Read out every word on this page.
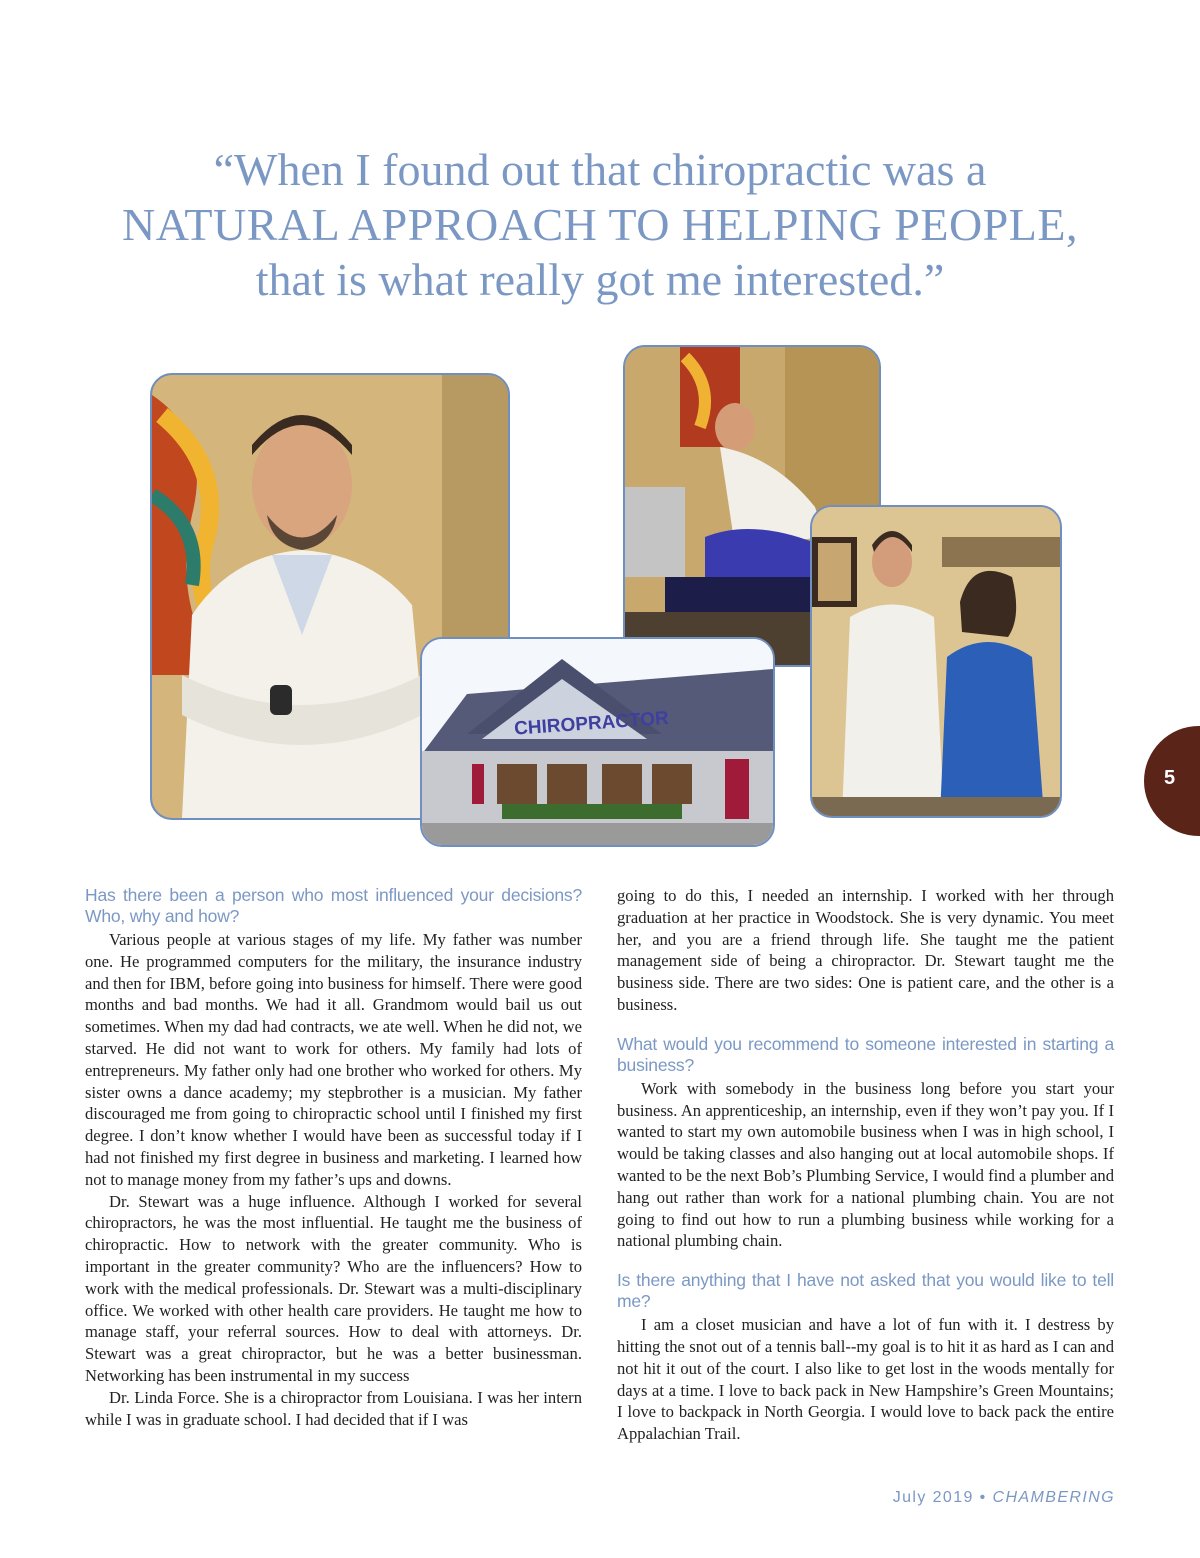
“When I found out that chiropractic was a
NATURAL APPROACH TO HELPING PEOPLE,
that is what really got me interested.”
CHIROPRACTOR
5
Has there been a person who most influenced your decisions? Who, why and how?

Various people at various stages of my life. My father was number one. He programmed computers for the military, the insurance industry and then for IBM, before going into business for himself. There were good months and bad months. We had it all. Grandmom would bail us out sometimes. When my dad had contracts, we ate well. When he did not, we starved. He did not want to work for others. My family had lots of entrepreneurs. My father only had one brother who worked for others. My sister owns a dance academy; my stepbrother is a musician. My father discouraged me from going to chiropractic school until I finished my first degree. I don’t know whether I would have been as successful today if I had not finished my first degree in business and marketing. I learned how not to manage money from my father’s ups and downs.

Dr. Stewart was a huge influence. Although I worked for several chiropractors, he was the most influential. He taught me the business of chiropractic. How to network with the greater community. Who is important in the greater community? Who are the influencers? How to work with the medical professionals. Dr. Stewart was a multi-disciplinary office. We worked with other health care providers. He taught me how to manage staff, your referral sources. How to deal with attorneys. Dr. Stewart was a great chiropractor, but he was a better businessman. Networking has been instrumental in my success

Dr. Linda Force. She is a chiropractor from Louisiana. I was her intern while I was in graduate school. I had decided that if I was

going to do this, I needed an internship. I worked with her through graduation at her practice in Woodstock. She is very dynamic. You meet her, and you are a friend through life. She taught me the patient management side of being a chiropractor. Dr. Stewart taught me the business side. There are two sides: One is patient care, and the other is a business.

What would you recommend to someone interested in starting a business?

Work with somebody in the business long before you start your business. An apprenticeship, an internship, even if they won’t pay you. If I wanted to start my own automobile business when I was in high school, I would be taking classes and also hanging out at local automobile shops. If wanted to be the next Bob’s Plumbing Service, I would find a plumber and hang out rather than work for a national plumbing chain. You are not going to find out how to run a plumbing business while working for a national plumbing chain.

Is there anything that I have not asked that you would like to tell me?

I am a closet musician and have a lot of fun with it. I destress by hitting the snot out of a tennis ball--my goal is to hit it as hard as I can and not hit it out of the court. I also like to get lost in the woods mentally for days at a time. I love to back pack in New Hampshire’s Green Mountains; I love to backpack in North Georgia. I would love to back pack the entire Appalachian Trail.

July 2019 • CHAMBERING
